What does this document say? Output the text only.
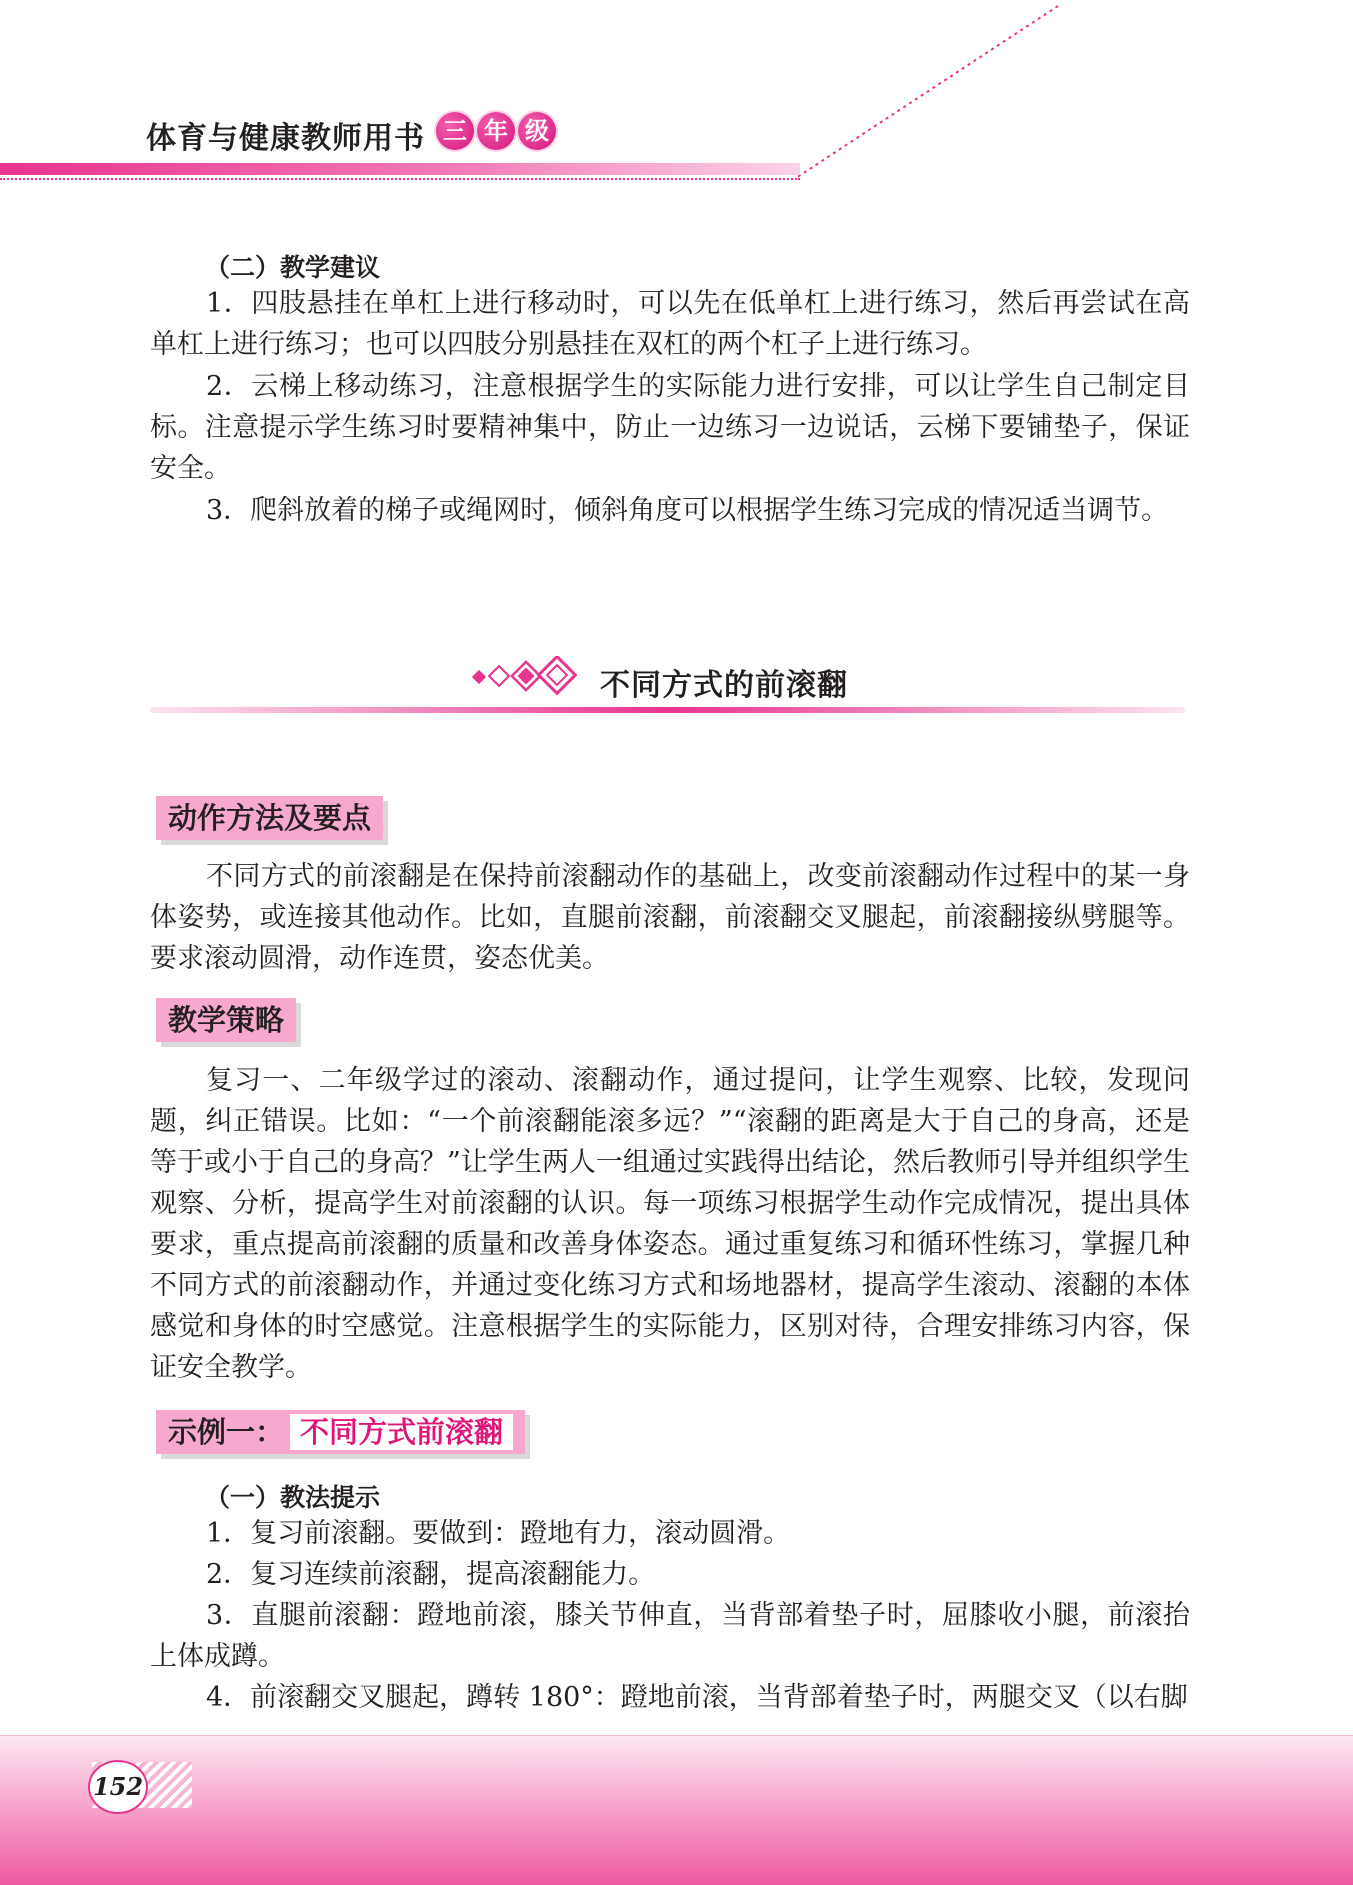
体育与健康教师用书 三 年 级
（二）教学建议

1．四肢悬挂在单杠上进行移动时，可以先在低单杠上进行练习，然后再尝试在高单杠上进行练习；也可以四肢分别悬挂在双杠的两个杠子上进行练习。

2．云梯上移动练习，注意根据学生的实际能力进行安排，可以让学生自己制定目标。注意提示学生练习时要精神集中，防止一边练习一边说话，云梯下要铺垫子，保证安全。

3．爬斜放着的梯子或绳网时，倾斜角度可以根据学生练习完成的情况适当调节。

不同方式的前滚翻
动作方法及要点

不同方式的前滚翻是在保持前滚翻动作的基础上，改变前滚翻动作过程中的某一身体姿势，或连接其他动作。比如，直腿前滚翻，前滚翻交叉腿起，前滚翻接纵劈腿等。要求滚动圆滑，动作连贯，姿态优美。

教学策略

复习一、二年级学过的滚动、滚翻动作，通过提问，让学生观察、比较，发现问题，纠正错误。比如：“一个前滚翻能滚多远？”“滚翻的距离是大于自己的身高，还是等于或小于自己的身高？”让学生两人一组通过实践得出结论，然后教师引导并组织学生观察、分析，提高学生对前滚翻的认识。每一项练习根据学生动作完成情况，提出具体要求，重点提高前滚翻的质量和改善身体姿态。通过重复练习和循环性练习，掌握几种不同方式的前滚翻动作，并通过变化练习方式和场地器材，提高学生滚动、滚翻的本体感觉和身体的时空感觉。注意根据学生的实际能力，区别对待，合理安排练习内容，保证安全教学。

示例一： 不同方式前滚翻
（一）教法提示

1．复习前滚翻。要做到：蹬地有力，滚动圆滑。

2．复习连续前滚翻，提高滚翻能力。

3．直腿前滚翻：蹬地前滚，膝关节伸直，当背部着垫子时，屈膝收小腿，前滚抬上体成蹲。

4．前滚翻交叉腿起，蹲转 180°：蹬地前滚，当背部着垫子时，两腿交叉（以右脚

152
